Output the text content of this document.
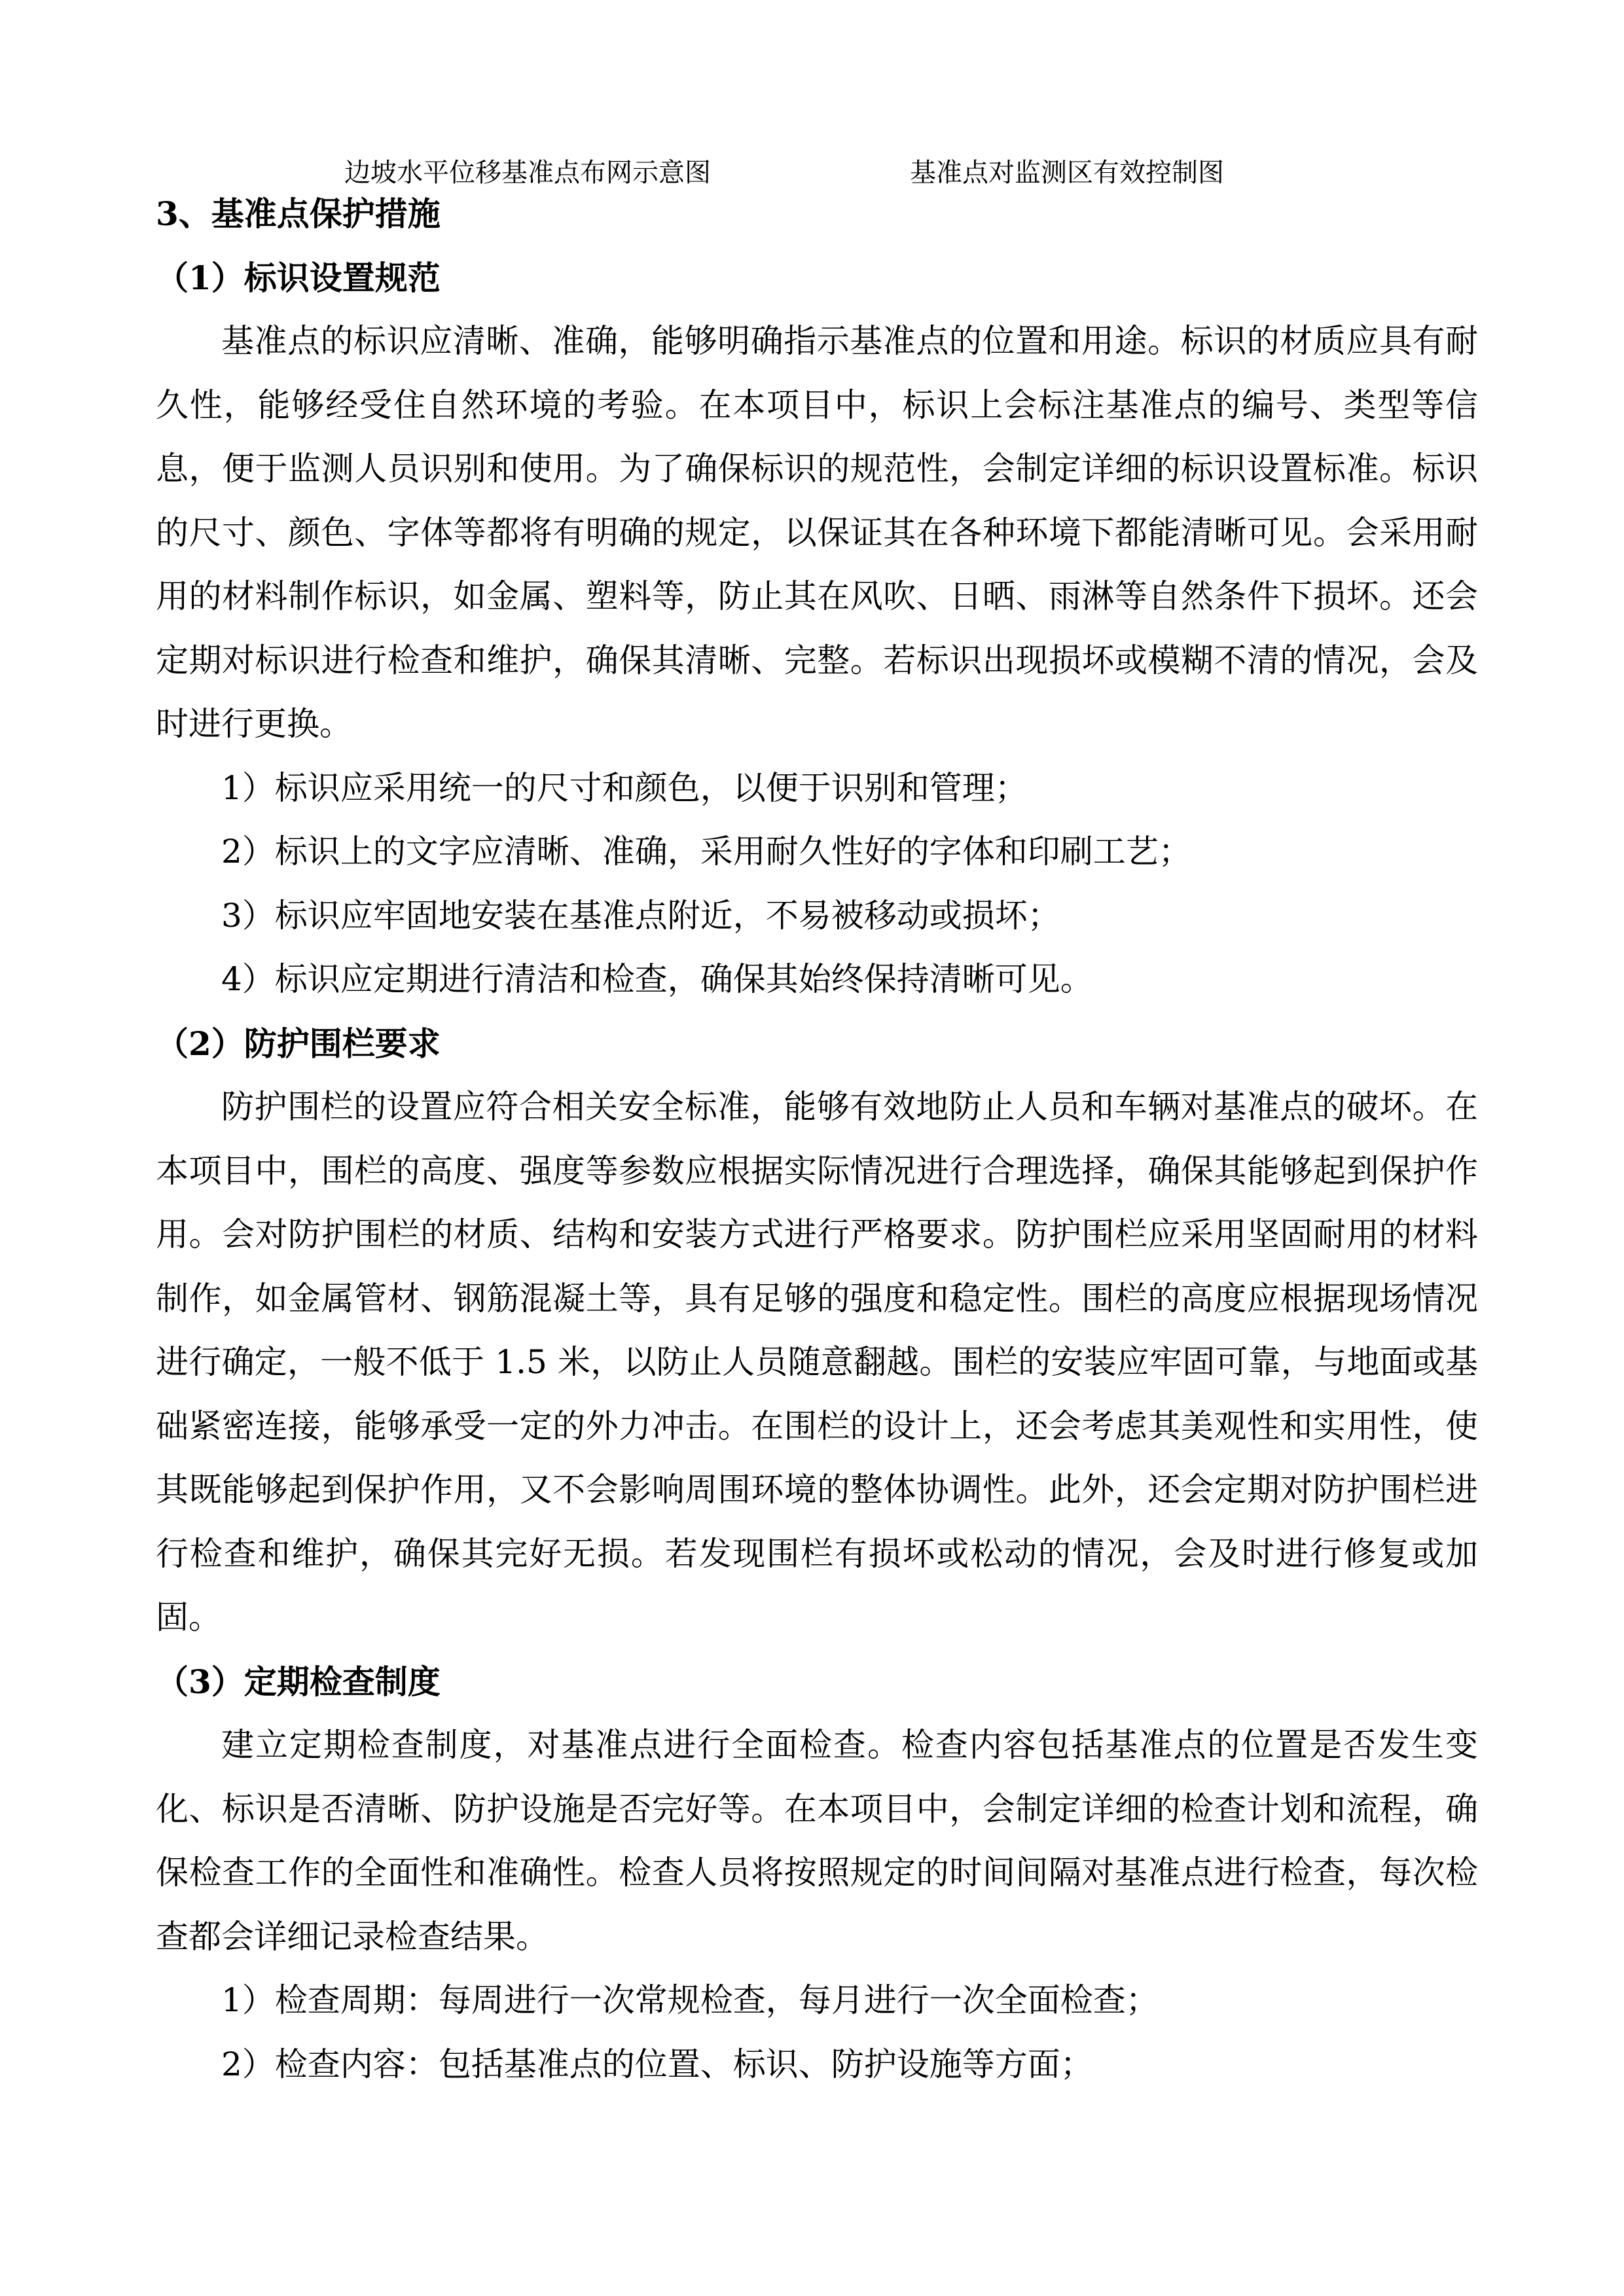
边坡水平位移基准点布网示意图	基准点对监测区有效控制图

3、基准点保护措施

（1）标识设置规范

基准点的标识应清晰、准确，能够明确指示基准点的位置和用途。标识的材质应具有耐久性，能够经受住自然环境的考验。在本项目中，标识上会标注基准点的编号、类型等信息，便于监测人员识别和使用。为了确保标识的规范性，会制定详细的标识设置标准。标识的尺寸、颜色、字体等都将有明确的规定，以保证其在各种环境下都能清晰可见。会采用耐用的材料制作标识，如金属、塑料等，防止其在风吹、日晒、雨淋等自然条件下损坏。还会定期对标识进行检查和维护，确保其清晰、完整。若标识出现损坏或模糊不清的情况，会及时进行更换。

1）标识应采用统一的尺寸和颜色，以便于识别和管理；

2）标识上的文字应清晰、准确，采用耐久性好的字体和印刷工艺；

3）标识应牢固地安装在基准点附近，不易被移动或损坏；

4）标识应定期进行清洁和检查，确保其始终保持清晰可见。

（2）防护围栏要求

防护围栏的设置应符合相关安全标准，能够有效地防止人员和车辆对基准点的破坏。在本项目中，围栏的高度、强度等参数应根据实际情况进行合理选择，确保其能够起到保护作用。会对防护围栏的材质、结构和安装方式进行严格要求。防护围栏应采用坚固耐用的材料制作，如金属管材、钢筋混凝土等，具有足够的强度和稳定性。围栏的高度应根据现场情况进行确定，一般不低于 1.5 米，以防止人员随意翻越。围栏的安装应牢固可靠，与地面或基础紧密连接，能够承受一定的外力冲击。在围栏的设计上，还会考虑其美观性和实用性，使其既能够起到保护作用，又不会影响周围环境的整体协调性。此外，还会定期对防护围栏进行检查和维护，确保其完好无损。若发现围栏有损坏或松动的情况，会及时进行修复或加固。

（3）定期检查制度

建立定期检查制度，对基准点进行全面检查。检查内容包括基准点的位置是否发生变化、标识是否清晰、防护设施是否完好等。在本项目中，会制定详细的检查计划和流程，确保检查工作的全面性和准确性。检查人员将按照规定的时间间隔对基准点进行检查，每次检查都会详细记录检查结果。

1）检查周期：每周进行一次常规检查，每月进行一次全面检查；

2）检查内容：包括基准点的位置、标识、防护设施等方面；
